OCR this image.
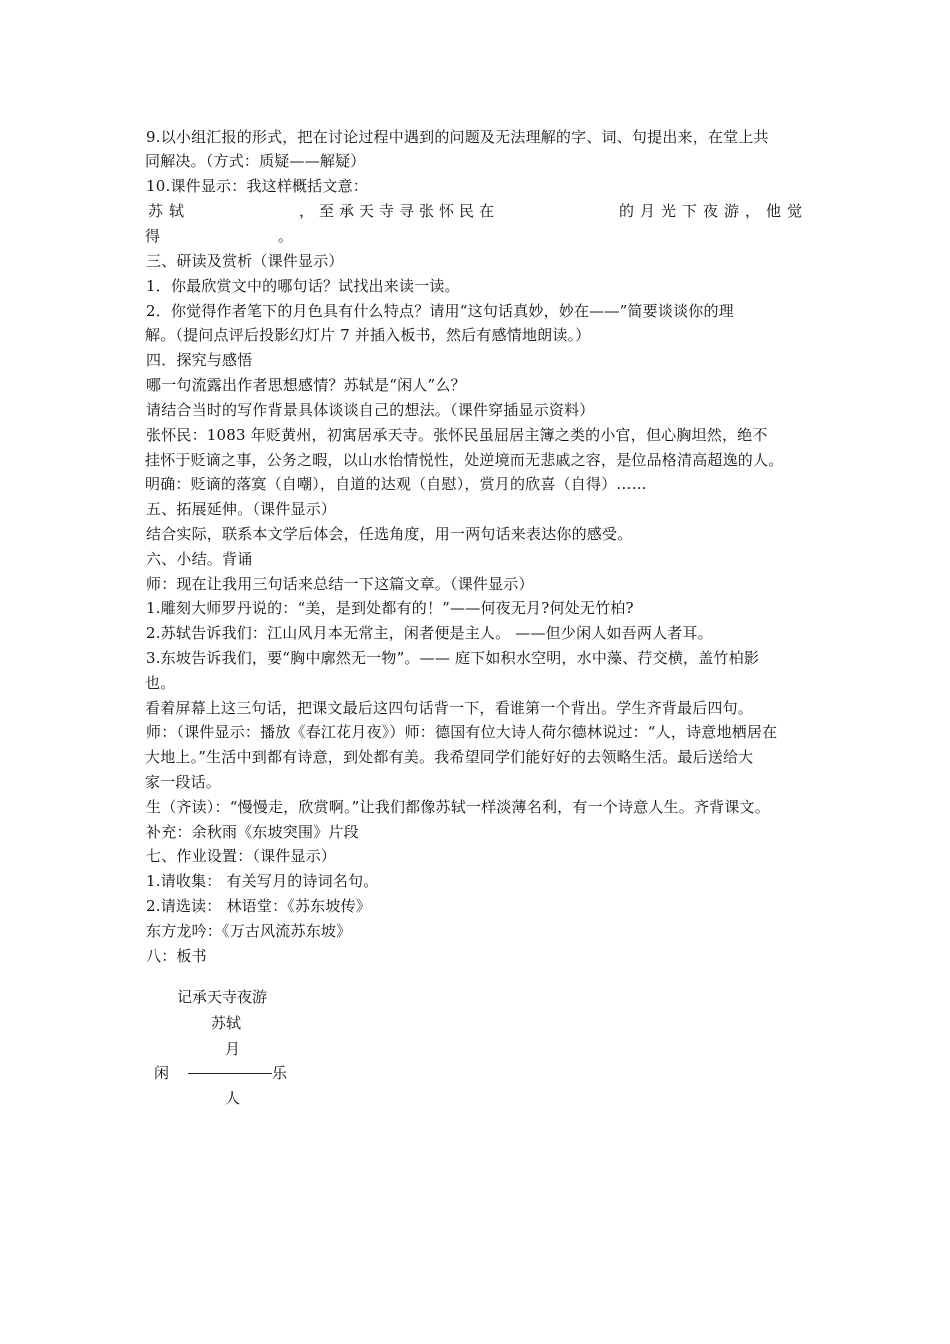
9.以小组汇报的形式，把在讨论过程中遇到的问题及无法理解的字、词、句提出来，在堂上共
同解决。（方式：质疑——解疑）
10.课件显示：我这样概括文意：
苏轼	，至承天寺寻张怀民在	的月光下夜游，他觉
得	。
三、研读及赏析（课件显示）
1．你最欣赏文中的哪句话？试找出来读一读。
2．你觉得作者笔下的月色具有什么特点？请用“这句话真妙，妙在——”简要谈谈你的理
解。（提问点评后投影幻灯片 7 并插入板书，然后有感情地朗读。）
四．探究与感悟
哪一句流露出作者思想感情？苏轼是“闲人”么？
请结合当时的写作背景具体谈谈自己的想法。（课件穿插显示资料）
张怀民：1083 年贬黄州，初寓居承天寺。张怀民虽屈居主簿之类的小官，但心胸坦然，绝不
挂怀于贬谪之事，公务之暇，以山水怡情悦性，处逆境而无悲戚之容，是位品格清高超逸的人。
明确：贬谪的落寞（自嘲），自道的达观（自慰），赏月的欣喜（自得）……
五、拓展延伸。（课件显示）
结合实际，联系本文学后体会，任选角度，用一两句话来表达你的感受。
六、小结。背诵
师：现在让我用三句话来总结一下这篇文章。（课件显示）
1.雕刻大师罗丹说的：“美，是到处都有的！”——何夜无月?何处无竹柏?
2.苏轼告诉我们：江山风月本无常主，闲者便是主人。 ——但少闲人如吾两人者耳。
3.东坡告诉我们，要“胸中廓然无一物”。—— 庭下如积水空明，水中藻、荇交横，盖竹柏影
也。
看着屏幕上这三句话，把课文最后这四句话背一下，看谁第一个背出。学生齐背最后四句。
师：（课件显示：播放《春江花月夜》）师：德国有位大诗人荷尔德林说过：“人，诗意地栖居在
大地上。”生活中到都有诗意，到处都有美。我希望同学们能好好的去领略生活。最后送给大
家一段话。
生（齐读）：“慢慢走，欣赏啊。”让我们都像苏轼一样淡薄名利，有一个诗意人生。齐背课文。
补充：余秋雨《东坡突围》片段
七、作业设置：（课件显示）
1.请收集： 有关写月的诗词名句。
2.请选读： 林语堂：《苏东坡传》
东方龙吟：《万古风流苏东坡》
八：板书
记承天寺夜游
苏轼
月
闲	乐
人
